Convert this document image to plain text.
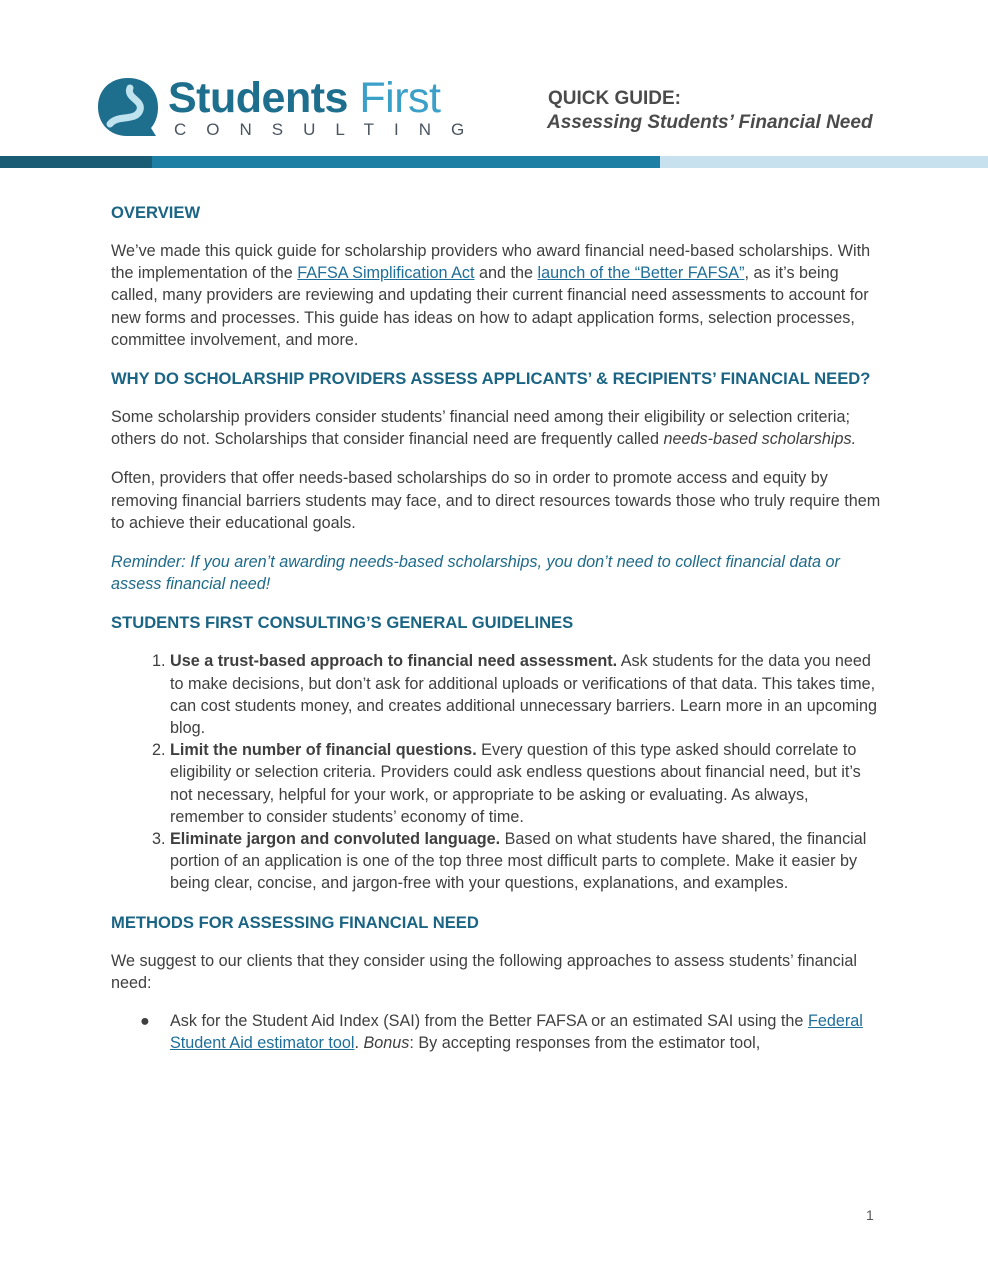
Students First
CONSULTING
QUICK GUIDE:
Assessing Students’ Financial Need
OVERVIEW

We’ve made this quick guide for scholarship providers who award financial need-based scholarships. With the implementation of the FAFSA Simplification Act and the launch of the “Better FAFSA”, as it’s being called, many providers are reviewing and updating their current financial need assessments to account for new forms and processes. This guide has ideas on how to adapt application forms, selection processes, committee involvement, and more.

WHY DO SCHOLARSHIP PROVIDERS ASSESS APPLICANTS’ & RECIPIENTS’ FINANCIAL NEED?

Some scholarship providers consider students’ financial need among their eligibility or selection criteria; others do not. Scholarships that consider financial need are frequently called needs-based scholarships.

Often, providers that offer needs-based scholarships do so in order to promote access and equity by removing financial barriers students may face, and to direct resources towards those who truly require them to achieve their educational goals.

Reminder: If you aren’t awarding needs-based scholarships, you don’t need to collect financial data or assess financial need!

STUDENTS FIRST CONSULTING’S GENERAL GUIDELINES
1. Use a trust-based approach to financial need assessment. Ask students for the data you need to make decisions, but don’t ask for additional uploads or verifications of that data. This takes time, can cost students money, and creates additional unnecessary barriers. Learn more in an upcoming blog.
2. Limit the number of financial questions. Every question of this type asked should correlate to eligibility or selection criteria. Providers could ask endless questions about financial need, but it’s not necessary, helpful for your work, or appropriate to be asking or evaluating. As always, remember to consider students’ economy of time.
3. Eliminate jargon and convoluted language. Based on what students have shared, the financial portion of an application is one of the top three most difficult parts to complete. Make it easier by being clear, concise, and jargon-free with your questions, explanations, and examples.
METHODS FOR ASSESSING FINANCIAL NEED

We suggest to our clients that they consider using the following approaches to assess students’ financial need:

● Ask for the Student Aid Index (SAI) from the Better FAFSA or an estimated SAI using the Federal Student Aid estimator tool. Bonus: By accepting responses from the estimator tool,
1
